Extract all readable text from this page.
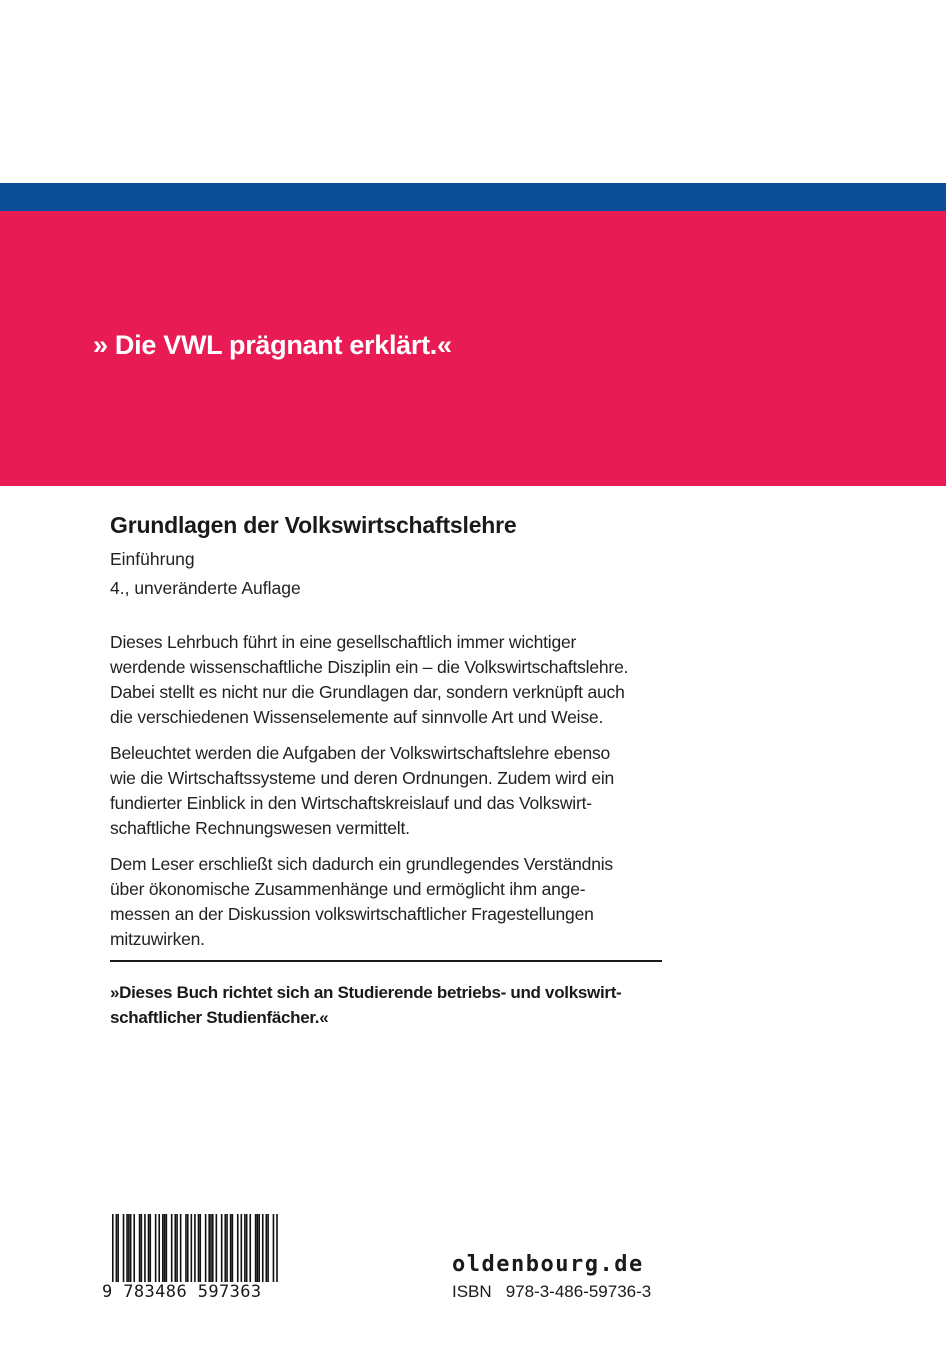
» Die VWL prägnant erklärt.«
Grundlagen der Volkswirtschaftslehre
Einführung
4., unveränderte Auflage

Dieses Lehrbuch führt in eine gesellschaftlich immer wichtiger
werdende wissenschaftliche Disziplin ein – die Volkswirtschaftslehre.
Dabei stellt es nicht nur die Grundlagen dar, sondern verknüpft auch
die verschiedenen Wissenselemente auf sinnvolle Art und Weise.

Beleuchtet werden die Aufgaben der Volkswirtschaftslehre ebenso
wie die Wirtschaftssysteme und deren Ordnungen. Zudem wird ein
fundierter Einblick in den Wirtschaftskreislauf und das Volkswirt-
schaftliche Rechnungswesen vermittelt.

Dem Leser erschließt sich dadurch ein grundlegendes Verständnis
über ökonomische Zusammenhänge und ermöglicht ihm ange-
messen an der Diskussion volkswirtschaftlicher Fragestellungen
mitzuwirken.

»Dieses Buch richtet sich an Studierende betriebs- und volkswirt-
schaftlicher Studienfächer.«
9 783486 597363
oldenbourg.de
ISBN 978-3-486-59736-3
